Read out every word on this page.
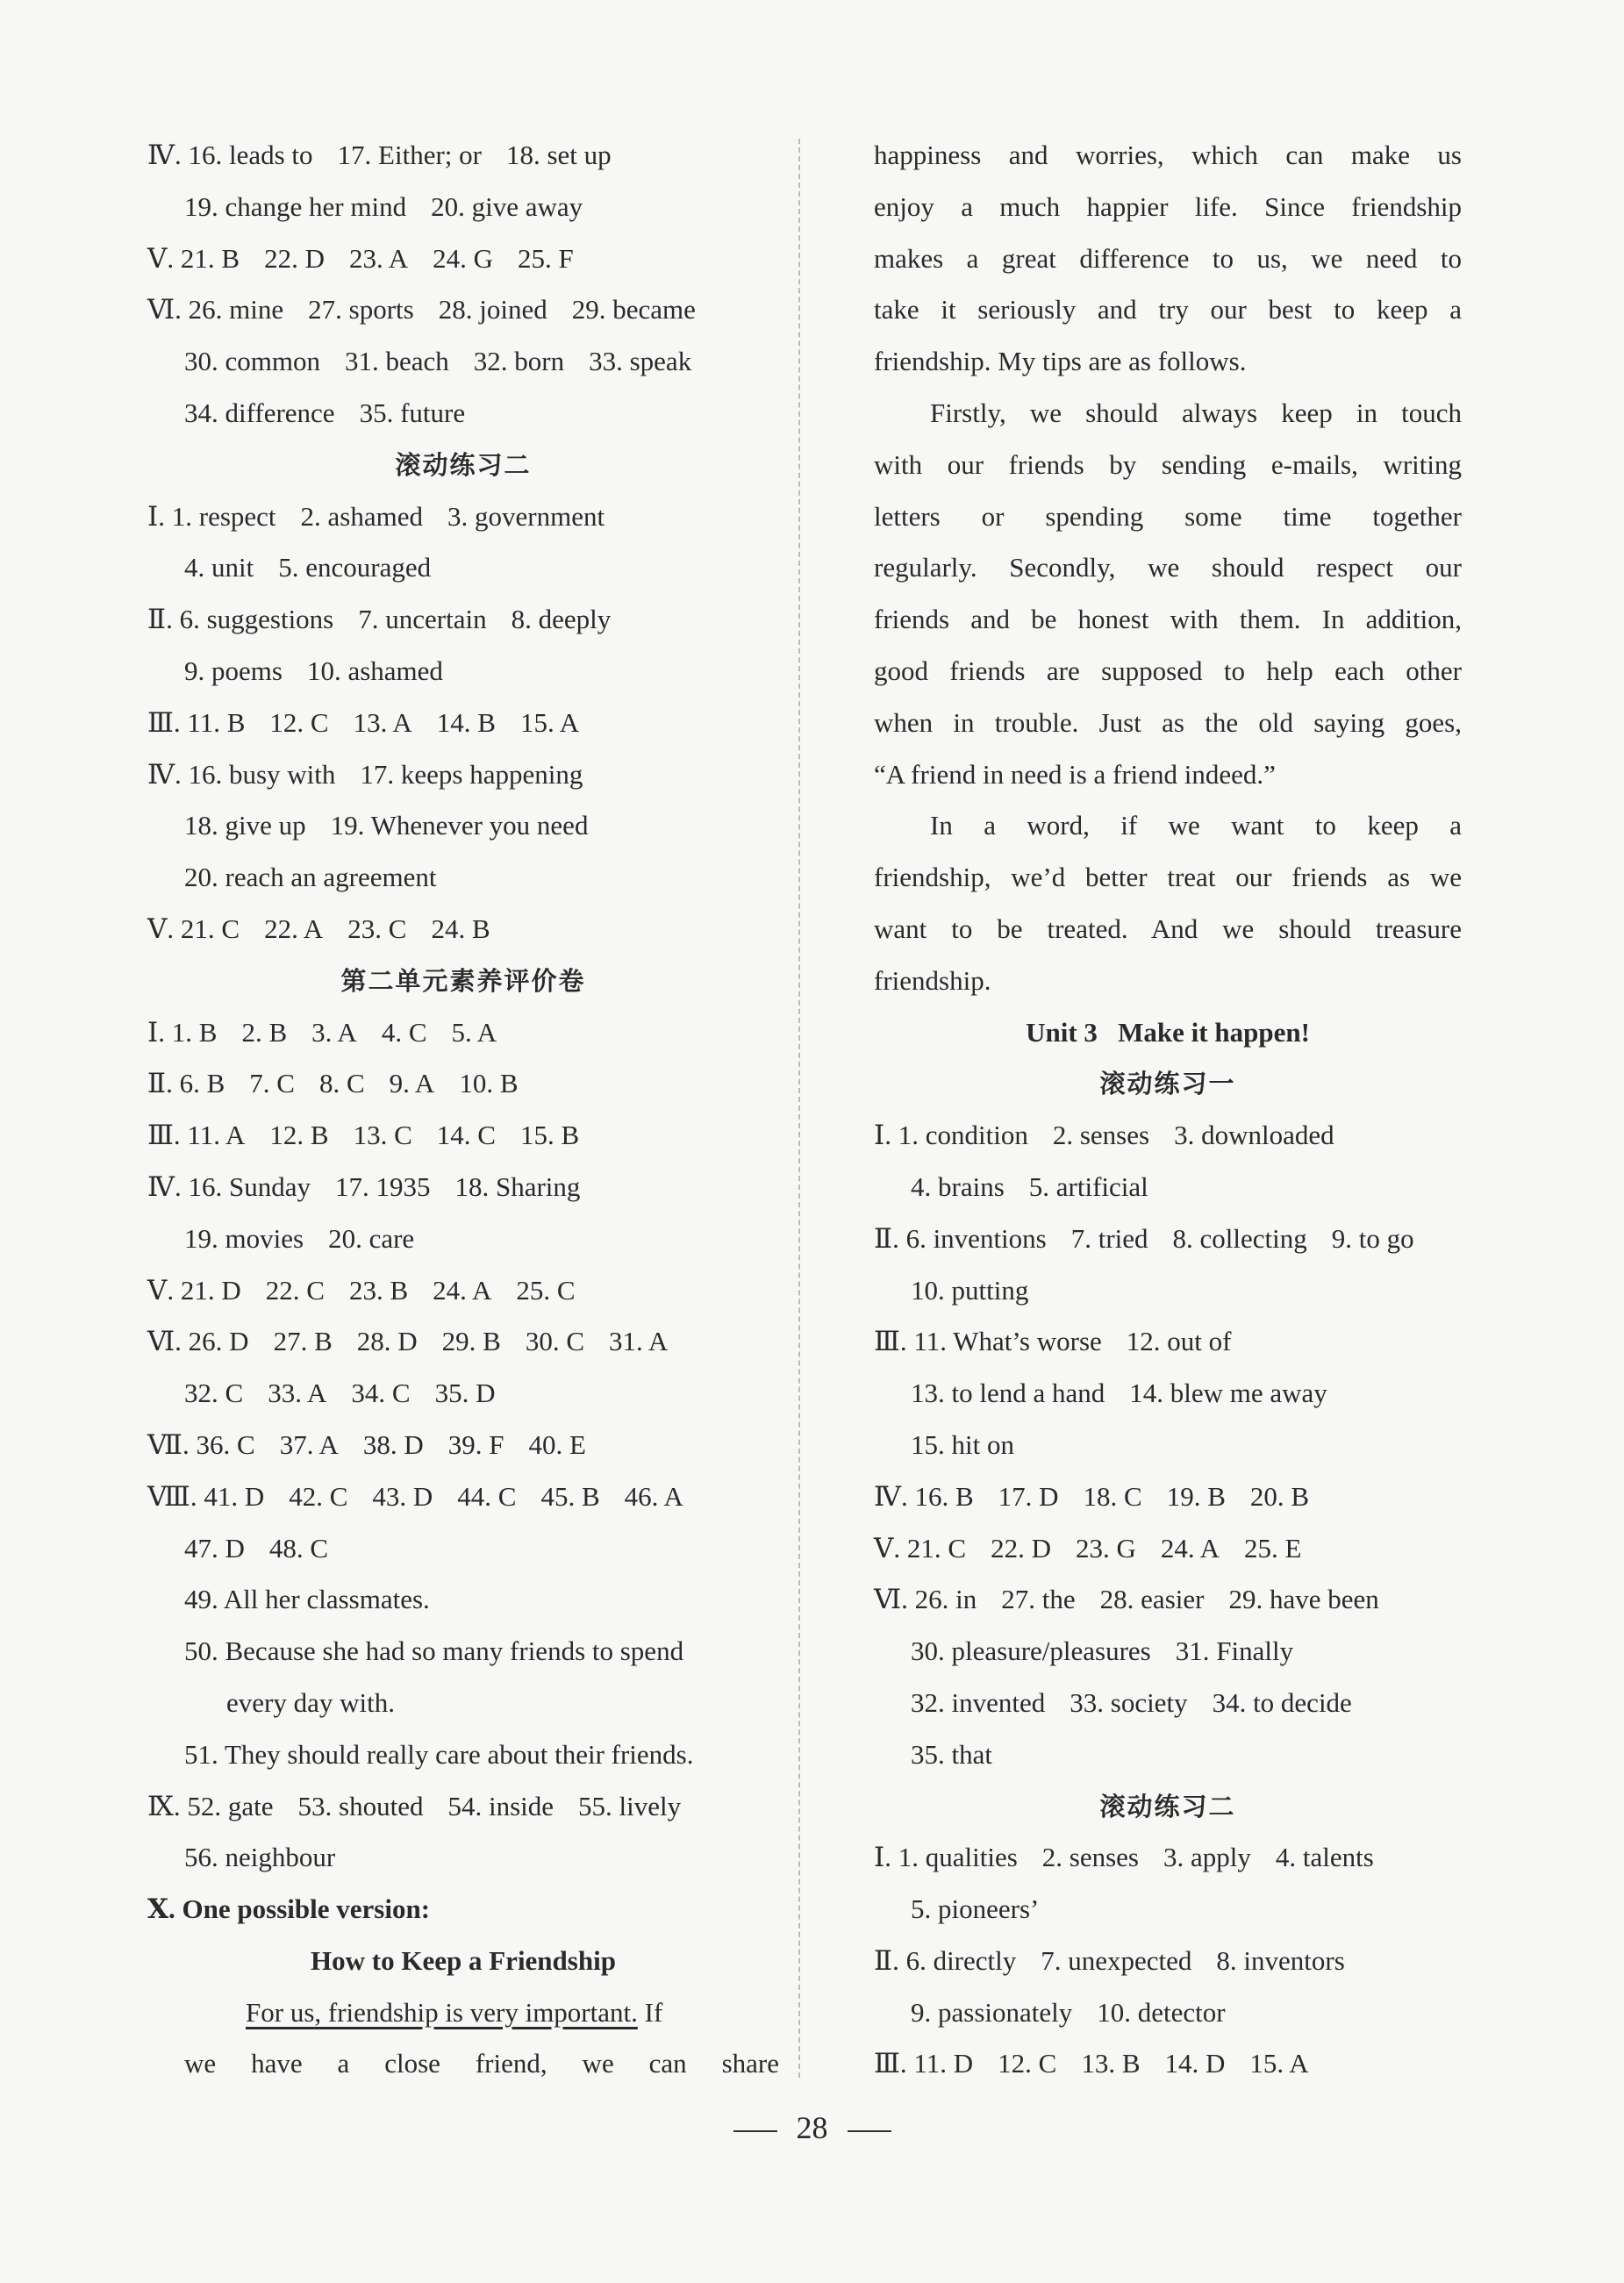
Ⅳ. 16. leads to 17. Either; or 18. set up
19. change her mind 20. give away
Ⅴ. 21. B 22. D 23. A 24. G 25. F
Ⅵ. 26. mine 27. sports 28. joined 29. became
30. common 31. beach 32. born 33. speak
34. difference 35. future
滚动练习二
Ⅰ. 1. respect 2. ashamed 3. government
4. unit 5. encouraged
Ⅱ. 6. suggestions 7. uncertain 8. deeply
9. poems 10. ashamed
Ⅲ. 11. B 12. C 13. A 14. B 15. A
Ⅳ. 16. busy with 17. keeps happening
18. give up 19. Whenever you need
20. reach an agreement
Ⅴ. 21. C 22. A 23. C 24. B
第二单元素养评价卷
Ⅰ. 1. B 2. B 3. A 4. C 5. A
Ⅱ. 6. B 7. C 8. C 9. A 10. B
Ⅲ. 11. A 12. B 13. C 14. C 15. B
Ⅳ. 16. Sunday 17. 1935 18. Sharing
19. movies 20. care
Ⅴ. 21. D 22. C 23. B 24. A 25. C
Ⅵ. 26. D 27. B 28. D 29. B 30. C 31. A
32. C 33. A 34. C 35. D
Ⅶ. 36. C 37. A 38. D 39. F 40. E
Ⅷ. 41. D 42. C 43. D 44. C 45. B 46. A
47. D 48. C
49. All her classmates.
50. Because she had so many friends to spend
every day with.
51. They should really care about their friends.
Ⅸ. 52. gate 53. shouted 54. inside 55. lively
56. neighbour
Ⅹ. One possible version:
How to Keep a Friendship
For us, friendship is very important. If
we have a close friend, we can share
happiness and worries, which can make us
enjoy a much happier life. Since friendship
makes a great difference to us, we need to
take it seriously and try our best to keep a
friendship. My tips are as follows.
Firstly, we should always keep in touch
with our friends by sending e-mails, writing
letters or spending some time together
regularly. Secondly, we should respect our
friends and be honest with them. In addition,
good friends are supposed to help each other
when in trouble. Just as the old saying goes,
“A friend in need is a friend indeed.”
In a word, if we want to keep a
friendship, we’d better treat our friends as we
want to be treated. And we should treasure
friendship.
Unit 3   Make it happen!
滚动练习一
Ⅰ. 1. condition 2. senses 3. downloaded
4. brains 5. artificial
Ⅱ. 6. inventions 7. tried 8. collecting 9. to go
10. putting
Ⅲ. 11. What’s worse 12. out of
13. to lend a hand 14. blew me away
15. hit on
Ⅳ. 16. B 17. D 18. C 19. B 20. B
Ⅴ. 21. C 22. D 23. G 24. A 25. E
Ⅵ. 26. in 27. the 28. easier 29. have been
30. pleasure/pleasures 31. Finally
32. invented 33. society 34. to decide
35. that
滚动练习二
Ⅰ. 1. qualities 2. senses 3. apply 4. talents
5. pioneers’
Ⅱ. 6. directly 7. unexpected 8. inventors
9. passionately 10. detector
Ⅲ. 11. D 12. C 13. B 14. D 15. A
28
